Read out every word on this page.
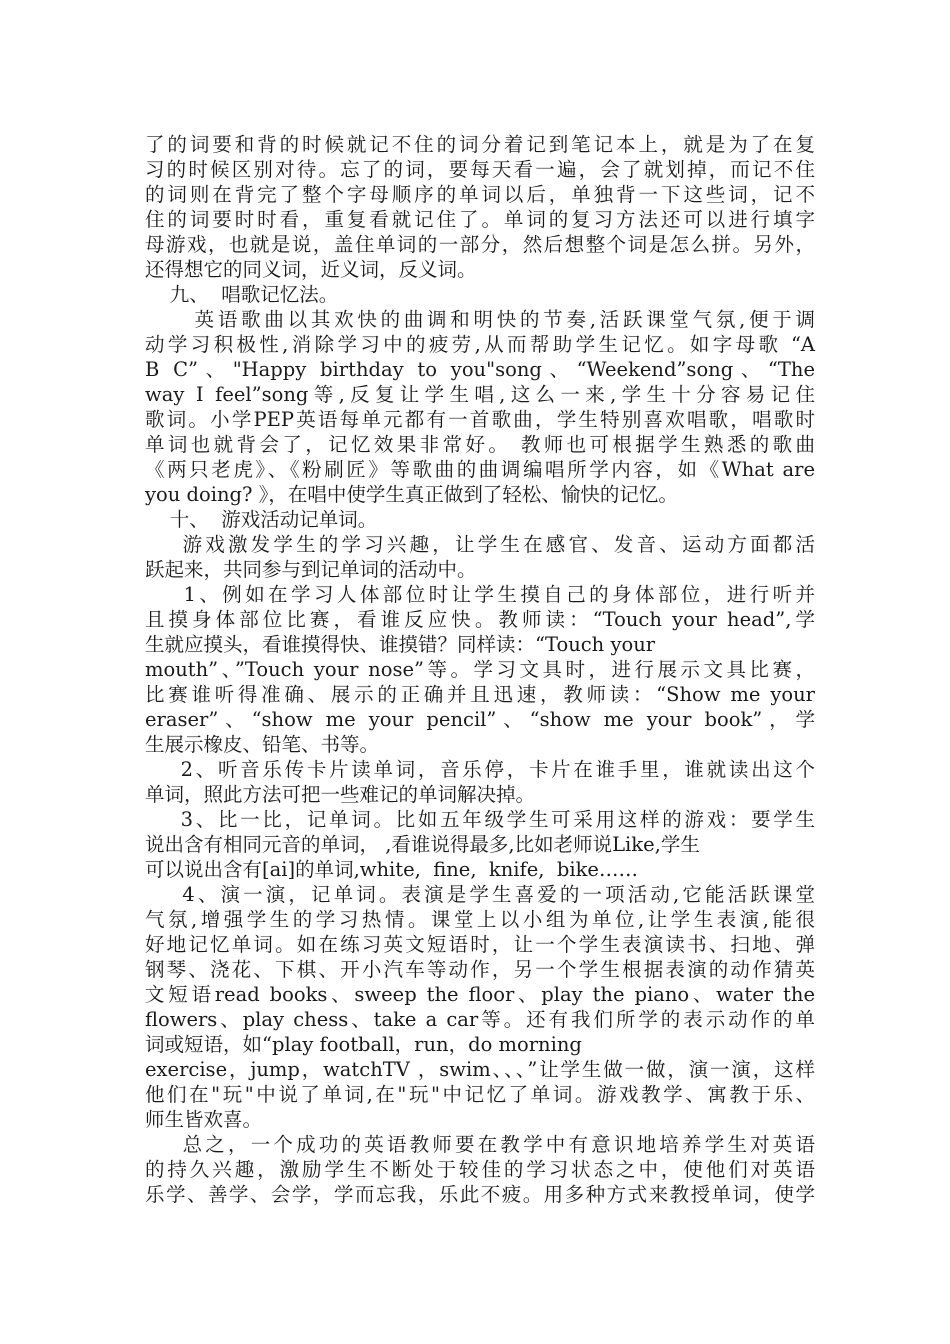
了的词要和背的时候就记不住的词分着记到笔记本上，就是为了在复
习的时候区别对待。忘了的词，要每天看一遍，会了就划掉，而记不住
的词则在背完了整个字母顺序的单词以后，单独背一下这些词，记不
住的词要时时看，重复看就记住了。单词的复习方法还可以进行填字
母游戏，也就是说，盖住单词的一部分，然后想整个词是怎么拼。另外，
还得想它的同义词，近义词，反义词。
九、  唱歌记忆法。
英语歌曲以其欢快的曲调和明快的节奏,活跃课堂气氛,便于调
动学习积极性,消除学习中的疲劳,从而帮助学生记忆。如字母歌 “A
B C”、"Happy birthday to you"song、“Weekend”song、“The
way I feel”song等,反复让学生唱,这么一来,学生十分容易记住
歌词。小学PEP英语每单元都有一首歌曲，学生特别喜欢唱歌，唱歌时
单词也就背会了，记忆效果非常好。 教师也可根据学生熟悉的歌曲
《两只老虎》、《粉刷匠》等歌曲的曲调编唱所学内容，如《What are
you doing? 》，在唱中使学生真正做到了轻松、愉快的记忆。
十、  游戏活动记单词。
游戏激发学生的学习兴趣，让学生在感官、发音、运动方面都活
跃起来，共同参与到记单词的活动中。
1、例如在学习人体部位时让学生摸自己的身体部位，进行听并
且摸身体部位比赛，看谁反应快。教师读：“Touch your head”,学
生就应摸头，看谁摸得快、谁摸错？同样读：“Touch your
mouth”、”Touch your nose”等。学习文具时，进行展示文具比赛，
比赛谁听得准确、展示的正确并且迅速，教师读：“Show me your
eraser”、“show me your pencil”、“show me your book”，学
生展示橡皮、铅笔、书等。
2、听音乐传卡片读单词，音乐停，卡片在谁手里，谁就读出这个
单词，照此方法可把一些难记的单词解决掉。
3、比一比，记单词。比如五年级学生可采用这样的游戏：要学生
说出含有相同元音的单词， ,看谁说得最多,比如老师说Like,学生
可以说出含有[ai]的单词,white,  fine,  knife,  bike……
4、演一演，记单词。表演是学生喜爱的一项活动,它能活跃课堂
气氛,增强学生的学习热情。课堂上以小组为单位,让学生表演,能很
好地记忆单词。如在练习英文短语时，让一个学生表演读书、扫地、弹
钢琴、浇花、下棋、开小汽车等动作，另一个学生根据表演的动作猜英
文短语read books、sweep the floor、play the piano、water the
flowers、play chess、take a car等。还有我们所学的表示动作的单
词或短语，如“play football，run，do morning
exercise，jump，watchTV ，swim、、、”让学生做一做，演一演，这样
他们在"玩"中说了单词,在"玩"中记忆了单词。游戏教学、寓教于乐、
师生皆欢喜。
总之，一个成功的英语教师要在教学中有意识地培养学生对英语
的持久兴趣，激励学生不断处于较佳的学习状态之中，使他们对英语
乐学、善学、会学，学而忘我，乐此不疲。用多种方式来教授单词，使学
